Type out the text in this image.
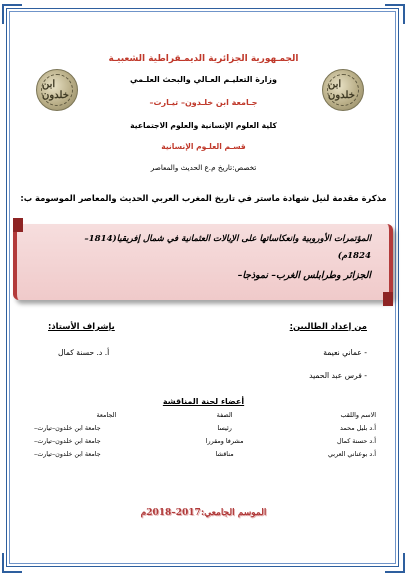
الجمـهورية الجزائرية الديمـقراطية الشعبيـة
وزارة التعليـم العـالي والبحث العلـمي
جـامعة ابن خلـدون– تيـارت–
كلية العلوم الإنسانية والعلوم الاجتماعية
قسـم العلـوم الإنسانية
تخصص:تاريخ م.ع الحديث والمعاصر
ابن خلدون
ابن خلدون
مذكرة مقدمة لنيل شهادة ماستر في تاريخ المغرب العربي الحديث والمعاصر الموسومة ب:
المؤتمرات الأوروبية وانعكاساتها على الإيالات العثمانية في شمال إفريقيا(1814–
1824م)
الجزائر وطرابلس الغرب– نموذجا–
من إعداد الطالبين:
- عماني نعيمة
- فرس عبد الحميد
بإشراف الأستاذ:
أ. د. حسنة كمال
أعضاء لجنة المناقشة
الاسم واللقب	الصفة	الجامعة
أ.د بليل محمد	رئيسا	جامعة ابن خلدون–تيارت–
أ.د حسنة كمال	مشرفا ومقررا	جامعة ابن خلدون–تيارت–
أ.د بوعناني العربي	مناقشا	جامعة ابن خلدون–تيارت–
الموسم الجامعي:2017–2018م
